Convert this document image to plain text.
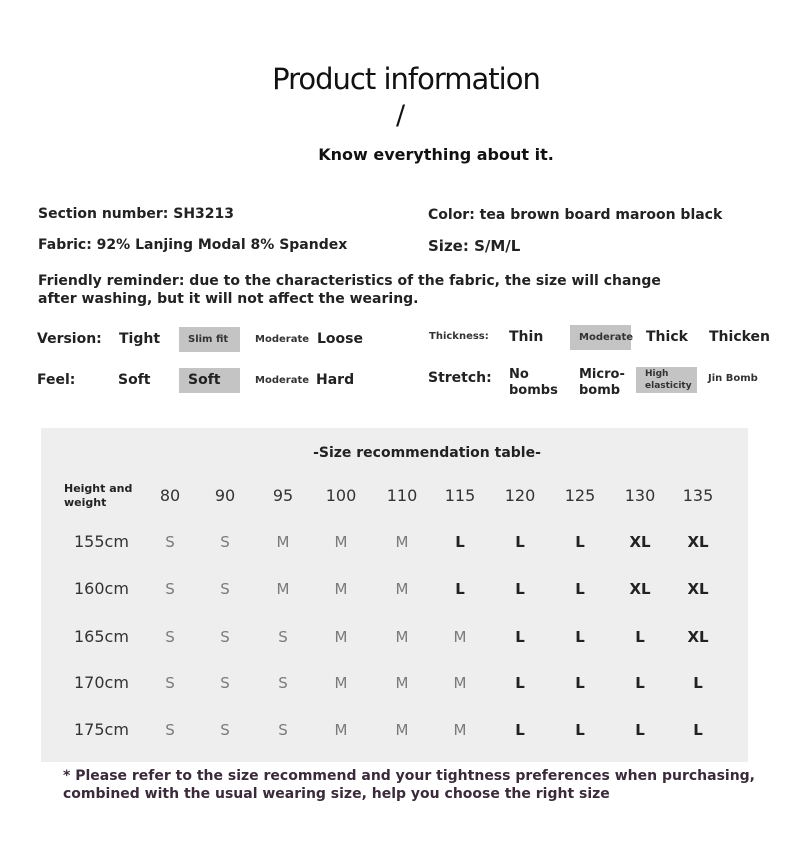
Product information
/
Know everything about it.
Section number: SH3213	Color: tea brown board maroon black
Fabric: 92% Lanjing Modal 8% Spandex	Size: S/M/L
Friendly reminder: due to the characteristics of the fabric, the size will change after washing, but it will not affect the wearing.
Version: Tight	Slim fit	Moderate Loose	Thickness: Thin	Moderate Thick Thicken
Feel:	Soft	Soft	Moderate Hard	Stretch: No bombs
Micro-bomb
High elasticity
Jin Bomb
-Size recommendation table-
Height and weight	80	90	95	100	110	115	120	125	130	135
155cm	S	S	M	M	M	L	L	L	XL	XL
160cm	S	S	M	M	M	L	L	L	XL	XL
165cm	S	S	S	M	M	M	L	L	L	XL
170cm	S	S	S	M	M	M	L	L	L	L
175cm	S	S	S	M	M	M	L	L	L	L
* Please refer to the size recommend and your tightness preferences when purchasing, combined with the usual wearing size, help you choose the right size
